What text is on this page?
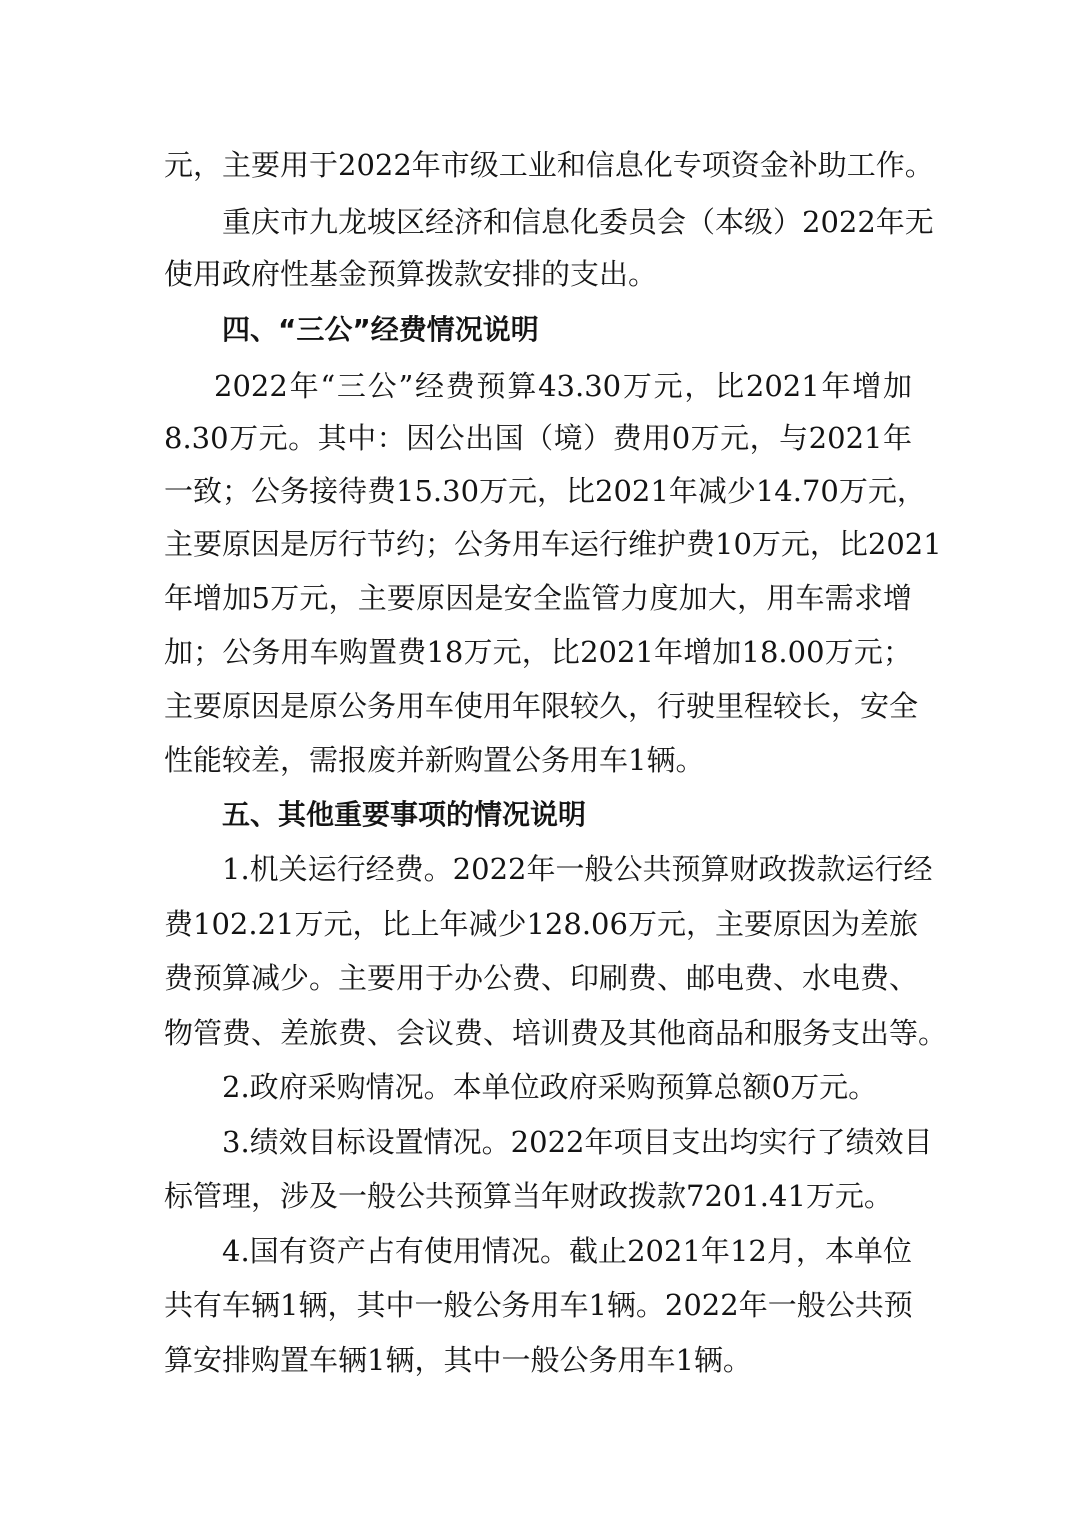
元，主要用于2022年市级工业和信息化专项资金补助工作。
重庆市九龙坡区经济和信息化委员会（本级）2022年无
使用政府性基金预算拨款安排的支出。
四、“三公”经费情况说明
2022年“三公”经费预算43.30万元，比2021年增加
8.30万元。其中：因公出国（境）费用0万元，与2021年
一致；公务接待费15.30万元，比2021年减少14.70万元，
主要原因是厉行节约；公务用车运行维护费10万元，比2021
年增加5万元，主要原因是安全监管力度加大，用车需求增
加；公务用车购置费18万元，比2021年增加18.00万元；
主要原因是原公务用车使用年限较久，行驶里程较长，安全
性能较差，需报废并新购置公务用车1辆。
五、其他重要事项的情况说明
1.机关运行经费。2022年一般公共预算财政拨款运行经
费102.21万元，比上年减少128.06万元，主要原因为差旅
费预算减少。主要用于办公费、印刷费、邮电费、水电费、
物管费、差旅费、会议费、培训费及其他商品和服务支出等。
2.政府采购情况。本单位政府采购预算总额0万元。
3.绩效目标设置情况。2022年项目支出均实行了绩效目
标管理，涉及一般公共预算当年财政拨款7201.41万元。
4.国有资产占有使用情况。截止2021年12月，本单位
共有车辆1辆，其中一般公务用车1辆。2022年一般公共预
算安排购置车辆1辆，其中一般公务用车1辆。
